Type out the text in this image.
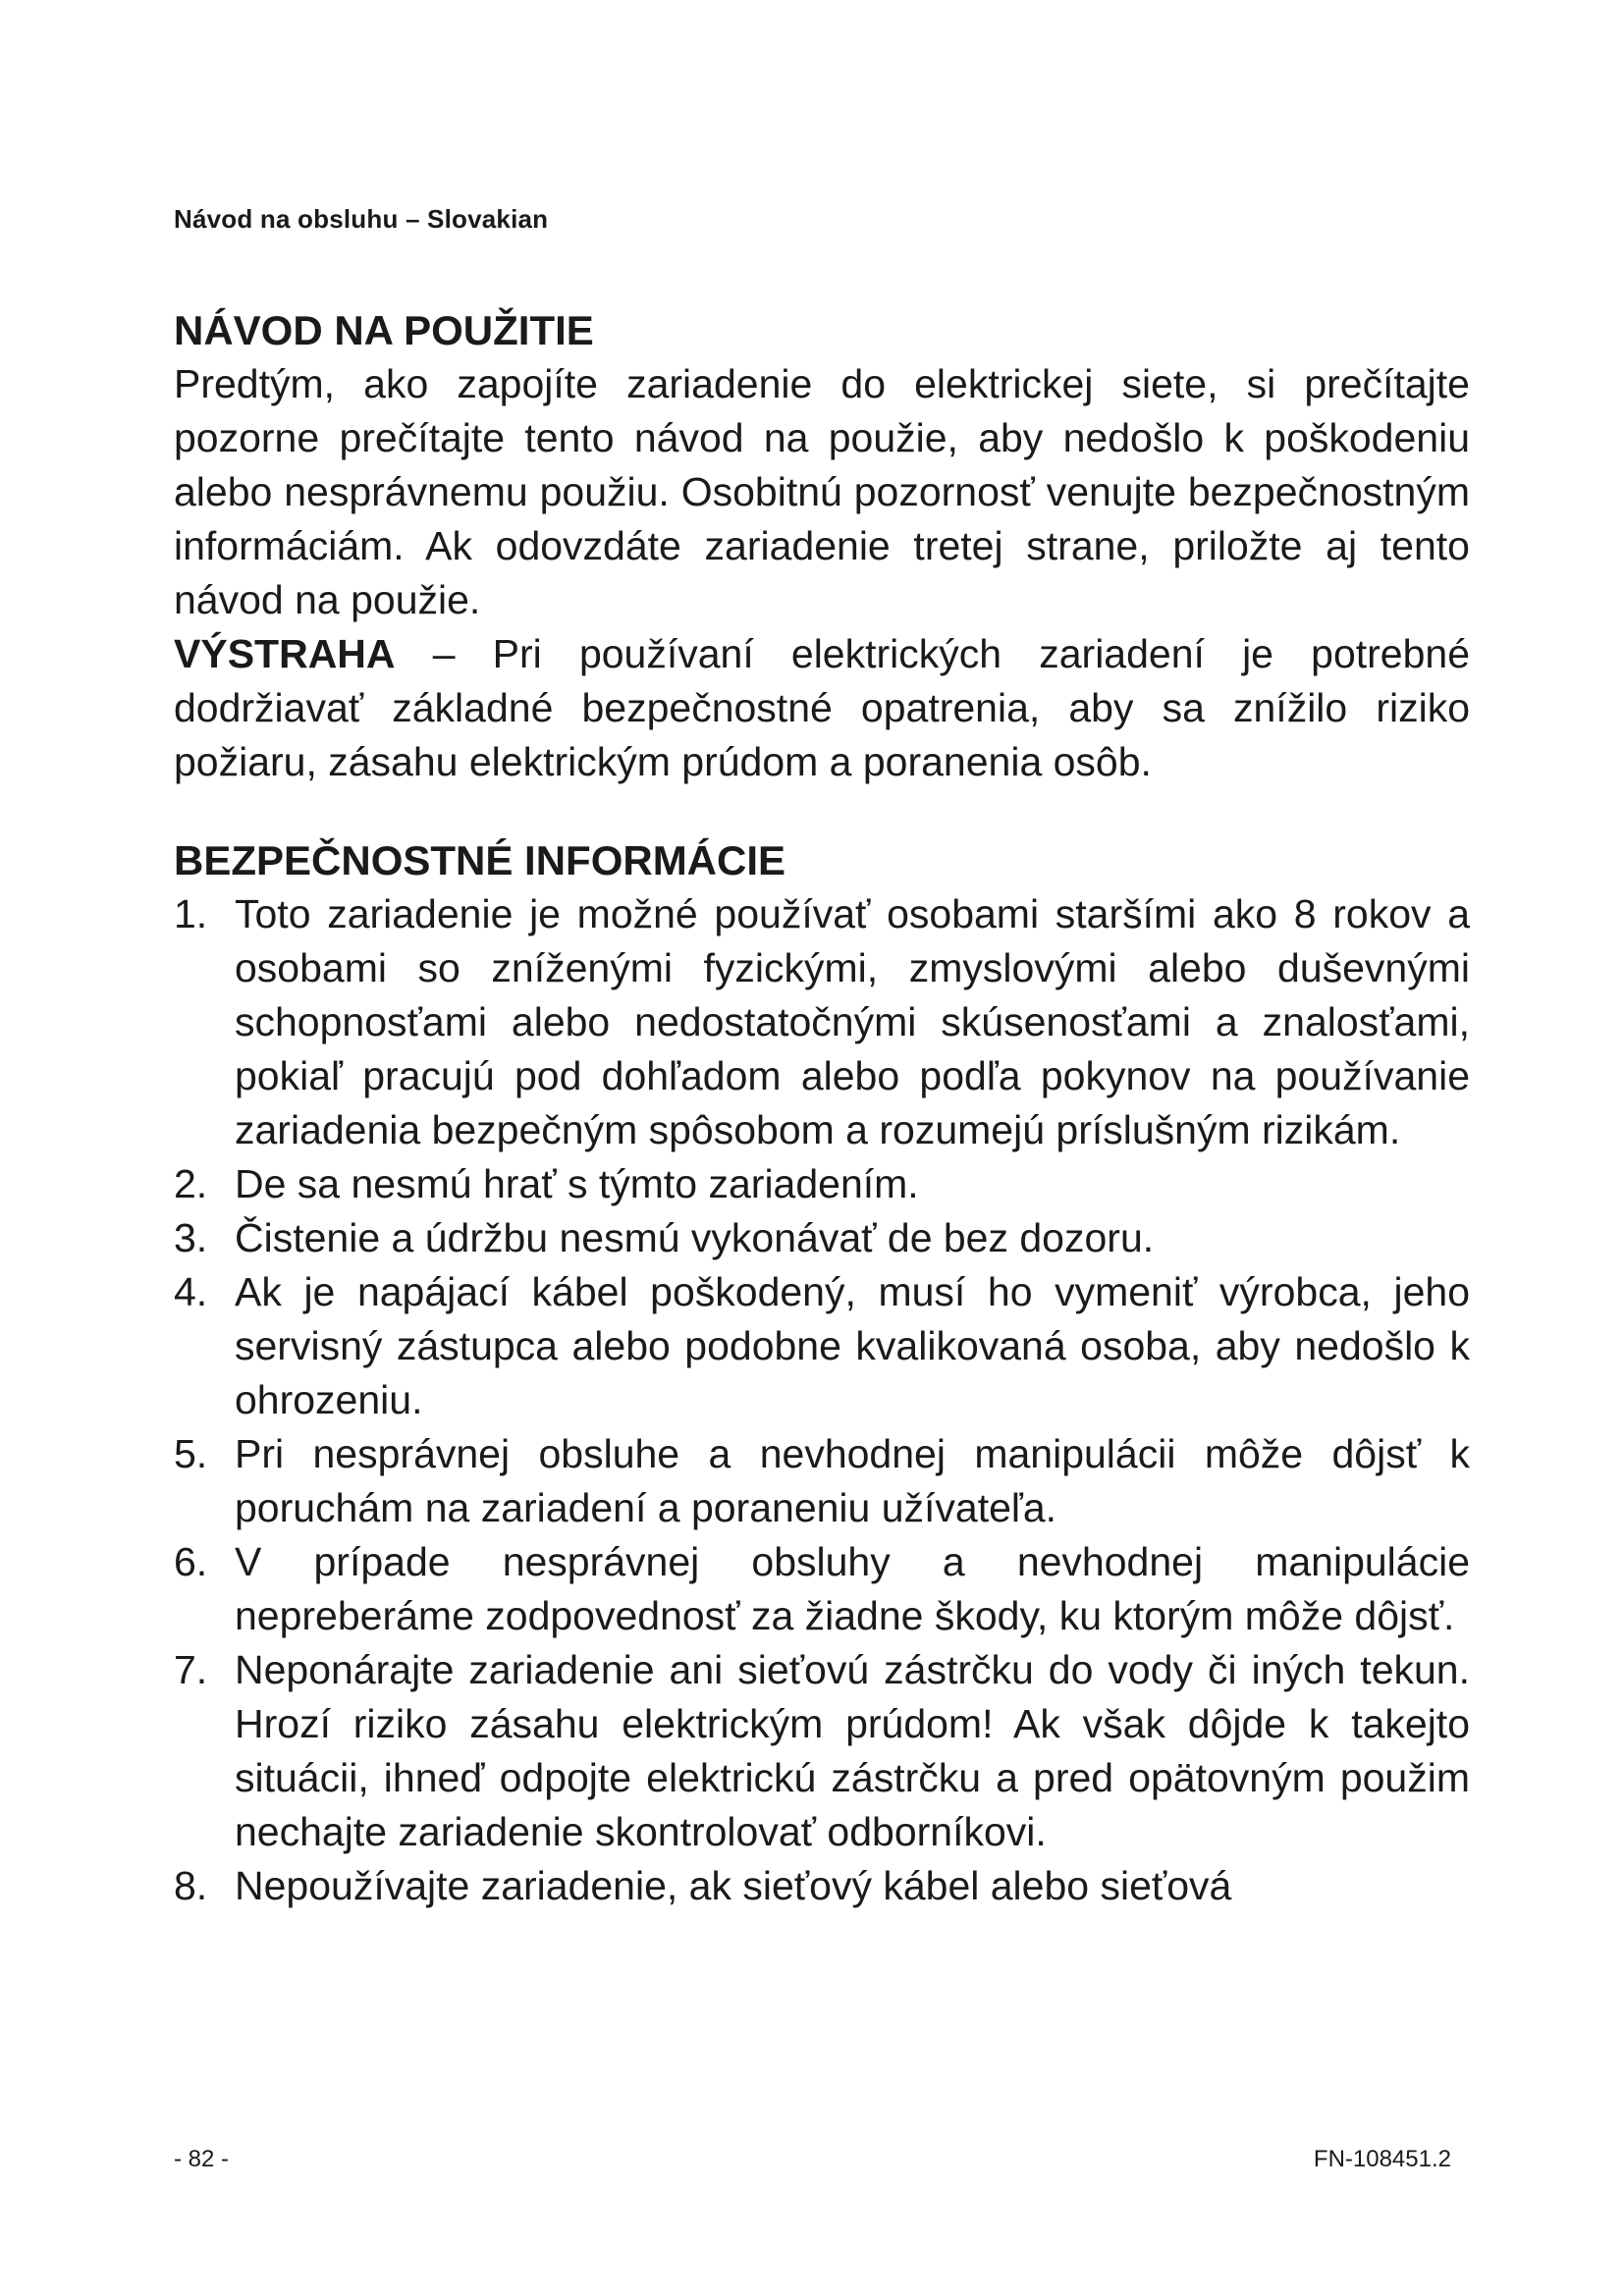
Návod na obsluhu – Slovakian
NÁVOD NA POUŽITIE

Predtým, ako zapojíte zariadenie do elektrickej siete, si prečítajte pozorne prečítajte tento návod na použie, aby nedošlo k poškodeniu alebo nesprávnemu použiu. Osobitnú pozornosť venujte bezpečnostným informáciám. Ak odovzdáte zariadenie tretej strane, priložte aj tento návod na použie.

VÝSTRAHA – Pri používaní elektrických zariadení je potrebné dodržiavať základné bezpečnostné opatrenia, aby sa znížilo riziko požiaru, zásahu elektrickým prúdom a poranenia osôb.

BEZPEČNOSTNÉ INFORMÁCIE
1. Toto zariadenie je možné používať osobami staršími ako 8 rokov a osobami so zníženými fyzickými, zmyslovými alebo duševnými schopnosťami alebo nedostatočnými skúsenosťami a znalosťami, pokiaľ pracujú pod dohľadom alebo podľa pokynov na používanie zariadenia bezpečným spôsobom a rozumejú príslušným rizikám.
2. De sa nesmú hrať s týmto zariadením.
3. Čistenie a údržbu nesmú vykonávať de bez dozoru.
4. Ak je napájací kábel poškodený, musí ho vymeniť výrobca, jeho servisný zástupca alebo podobne kvalikovaná osoba, aby nedošlo k ohrozeniu.
5. Pri nesprávnej obsluhe a nevhodnej manipulácii môže dôjsť k poruchám na zariadení a poraneniu užívateľa.
6. V prípade nesprávnej obsluhy a nevhodnej manipulácie nepreberáme zodpovednosť za žiadne škody, ku ktorým môže dôjsť.
7. Neponárajte zariadenie ani sieťovú zástrčku do vody či iných tekun. Hrozí riziko zásahu elektrickým prúdom! Ak však dôjde k takejto situácii, ihneď odpojte elektrickú zástrčku a pred opätovným použim nechajte zariadenie skontrolovať odborníkovi.
8. Nepoužívajte zariadenie, ak sieťový kábel alebo sieťová
- 82 -	FN-108451.2
